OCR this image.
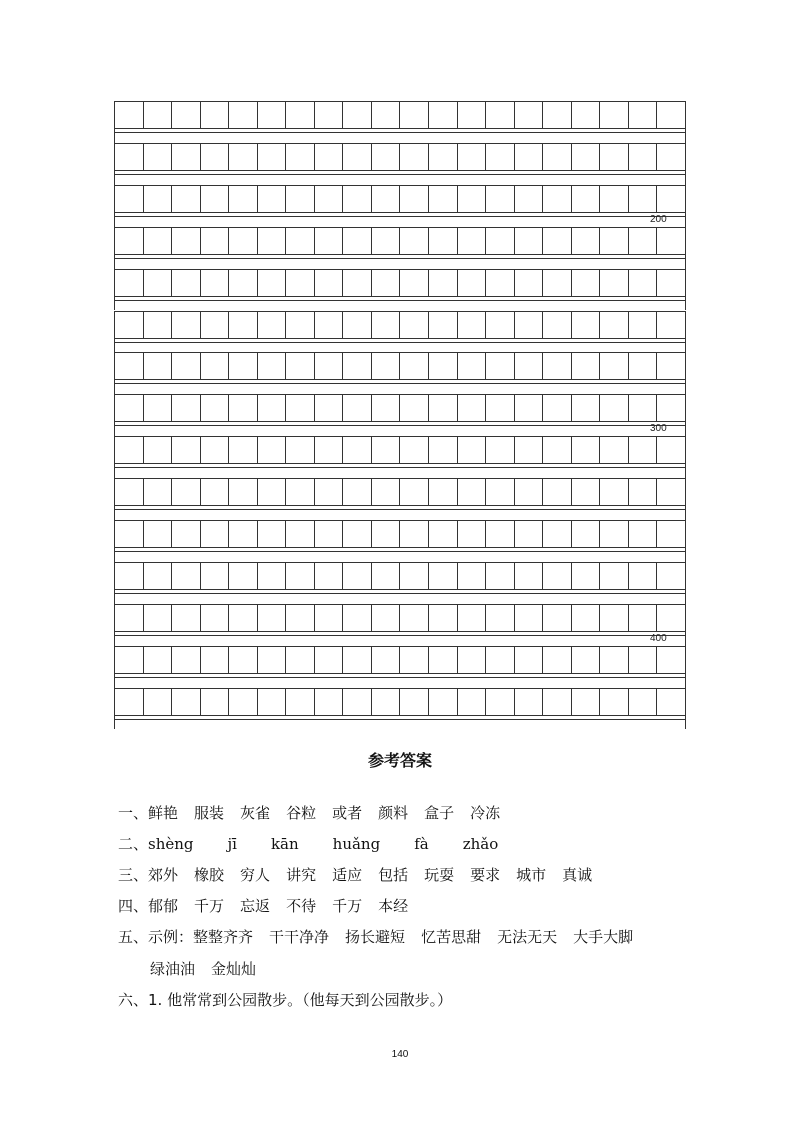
200
300
400
参考答案
一、鲜艳 服装 灰雀 谷粒 或者 颜料 盒子 冷冻
二、shèng jī kān huǎng fà zhǎo
三、郊外 橡胶 穷人 讲究 适应 包括 玩耍 要求 城市 真诚
四、郁郁 千万 忘返 不待 千万 本经
五、示例：整整齐齐 干干净净 扬长避短 忆苦思甜 无法无天 大手大脚
绿油油 金灿灿
六、1. 他常常到公园散步。（他每天到公园散步。）
140
